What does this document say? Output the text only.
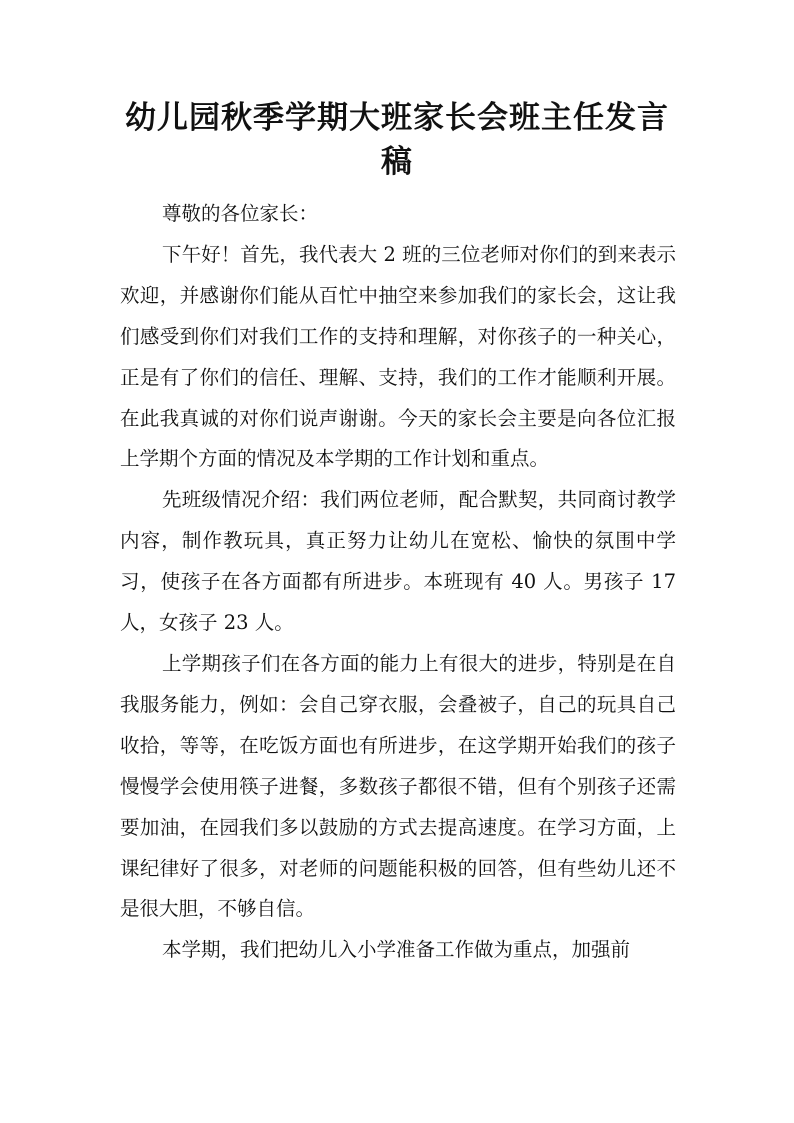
幼儿园秋季学期大班家长会班主任发言稿

尊敬的各位家长：

下午好！首先，我代表大 2 班的三位老师对你们的到来表示欢迎，并感谢你们能从百忙中抽空来参加我们的家长会，这让我们感受到你们对我们工作的支持和理解，对你孩子的一种关心，正是有了你们的信任、理解、支持，我们的工作才能顺利开展。在此我真诚的对你们说声谢谢。今天的家长会主要是向各位汇报上学期个方面的情况及本学期的工作计划和重点。

先班级情况介绍：我们两位老师，配合默契，共同商讨教学内容，制作教玩具，真正努力让幼儿在宽松、愉快的氛围中学习，使孩子在各方面都有所进步。本班现有 40 人。男孩子 17 人，女孩子 23 人。

上学期孩子们在各方面的能力上有很大的进步，特别是在自我服务能力，例如：会自己穿衣服，会叠被子，自己的玩具自己收拾，等等，在吃饭方面也有所进步，在这学期开始我们的孩子慢慢学会使用筷子进餐，多数孩子都很不错，但有个别孩子还需要加油，在园我们多以鼓励的方式去提高速度。在学习方面，上课纪律好了很多，对老师的问题能积极的回答，但有些幼儿还不是很大胆，不够自信。

本学期，我们把幼儿入小学准备工作做为重点，加强前
